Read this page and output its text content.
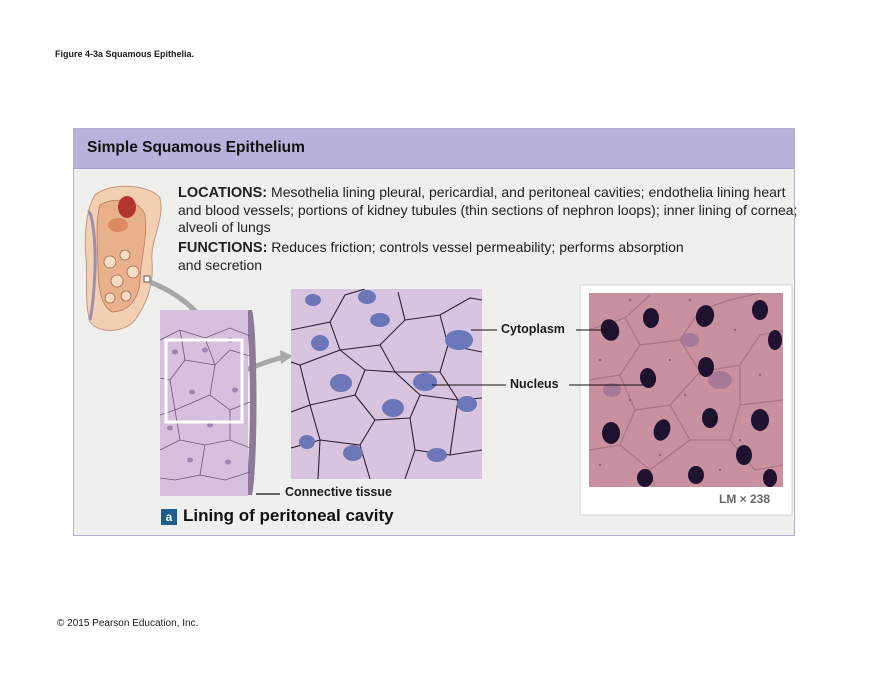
Figure 4-3a Squamous Epithelia.
Simple Squamous Epithelium
LOCATIONS: Mesothelia lining pleural, pericardial, and peritoneal cavities; endothelia lining heart and blood vessels; portions of kidney tubules (thin sections of nephron loops); inner lining of cornea; alveoli of lungs
FUNCTIONS: Reduces friction; controls vessel permeability; performs absorption and secretion
Cytoplasm
Nucleus
Connective tissue	LM × 238
a Lining of peritoneal cavity
© 2015 Pearson Education, Inc.
